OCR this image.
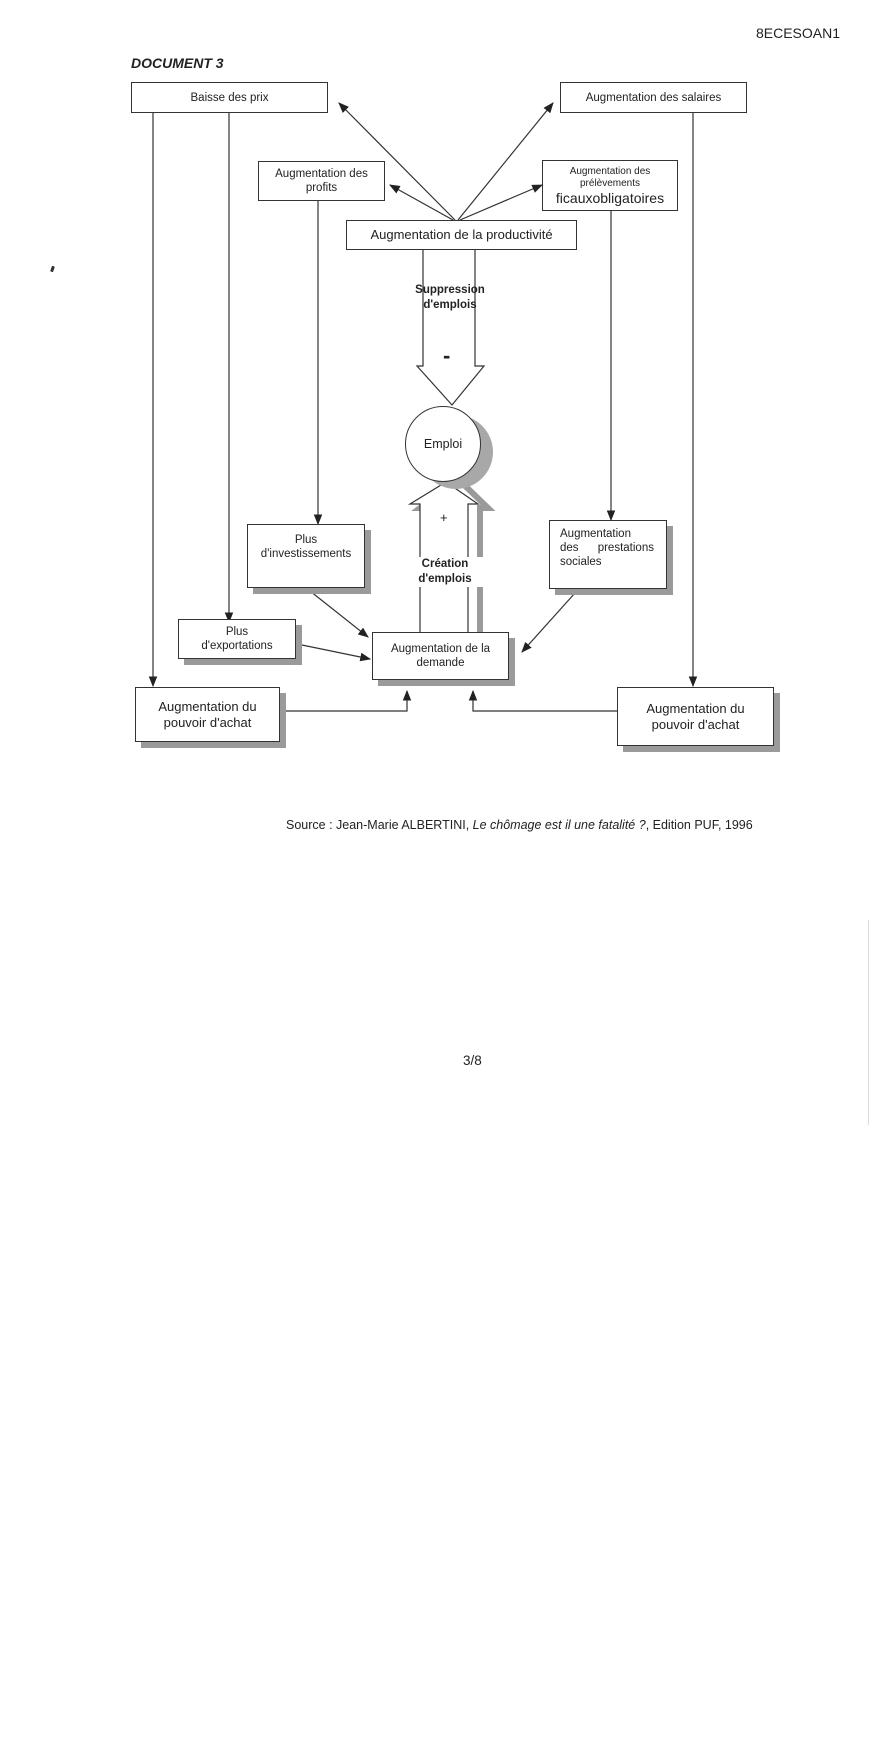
8ECESOAN1
DOCUMENT 3
Baisse des prix	Augmentation des salaires
Augmentation des
profits
Augmentation des
prélèvements
ficauxobligatoires
Augmentation de la productivité
Suppression
d'emplois
-
Emploi
+
Création
d'emplois
Plus
d'investissements
Augmentation
des      prestations
sociales
Plus
d'exportations	Augmentation de la
demande
Augmentation du
pouvoir d'achat
Augmentation du
pouvoir d'achat
Source : Jean-Marie ALBERTINI, Le chômage est il une fatalité ?, Edition PUF, 1996
3/8
